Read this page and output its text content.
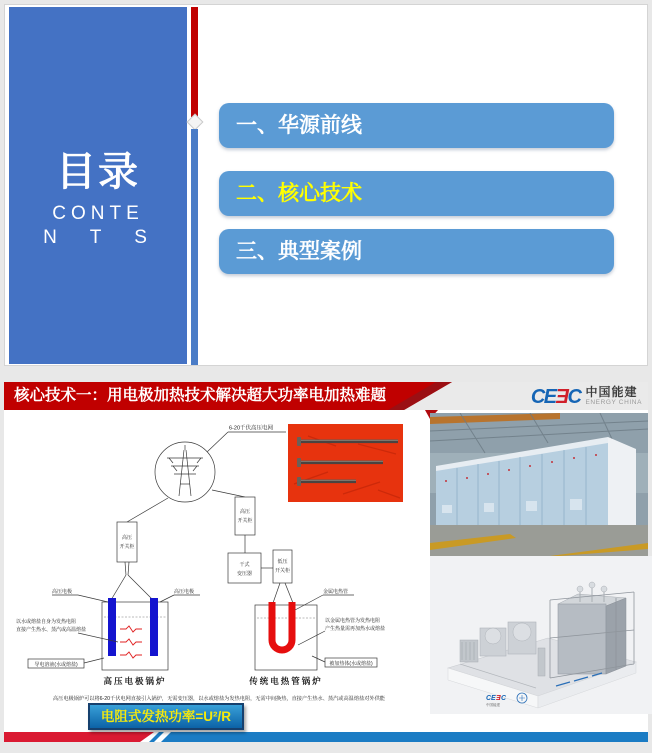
目录
CONTE
N T S
一、华源前线
二、核心技术
三、典型案例
核心技术一：用电极加热技术解决超大功率电加热难题	CEƎC 中国能建
ENERGY CHINA
6-20千伏高压电网
高压
开关柜
高压电极	高压电极
以水或熔盐自身为发热电阻
直接产生热水、蒸汽或高温熔盐
导电溶液(水或熔盐)
高压电极锅炉
高压
开关柜
干式
变压器
低压
开关柜
金属电热管
以金属电热管为发热电阻
产生热量需再加热水或熔盐
被加热体(水或熔盐)
传统电热管锅炉
高压电极锅炉可以将6-20千伏电网直接引入锅炉，无需变压器，以水或熔盐为发热电阻，无需中间换热，直接产生热水、蒸汽或高温熔盐对外供能	CE Ǝ C
中国能建
电阻式发热功率=U²/R
